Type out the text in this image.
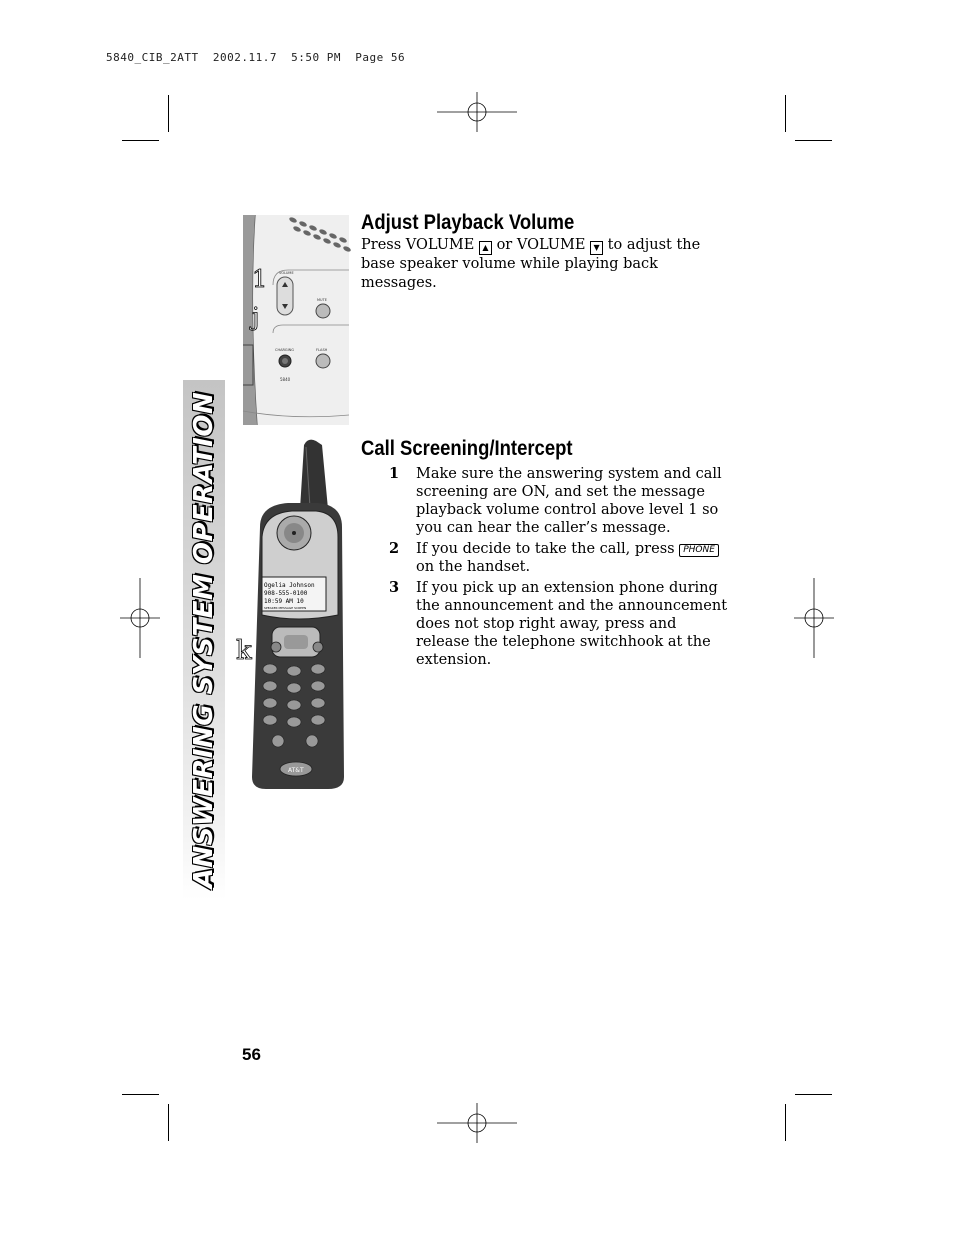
5840_CIB_2ATT  2002.11.7  5:50 PM  Page 56
ANSWERING SYSTEM OPERATION
VOLUME
MUTE
CHARGING	FLASH
5840
1
j
Ogelia Johnson
908-555-0100
10:59 AM 10
SPEAKER MESSAGE SCREEN
AT&T
k
Adjust Playback Volume

Press VOLUME ▲ or VOLUME ▼ to adjust the base speaker volume while playing back messages.

Call Screening/Intercept
1 Make sure the answering system and call screening are ON, and set the message playback volume control above level 1 so you can hear the caller’s message.
2 If you decide to take the call, press PHONE on the handset.
3 If you pick up an extension phone during the announcement and the announcement does not stop right away, press and release the telephone switchhook at the extension.
56
